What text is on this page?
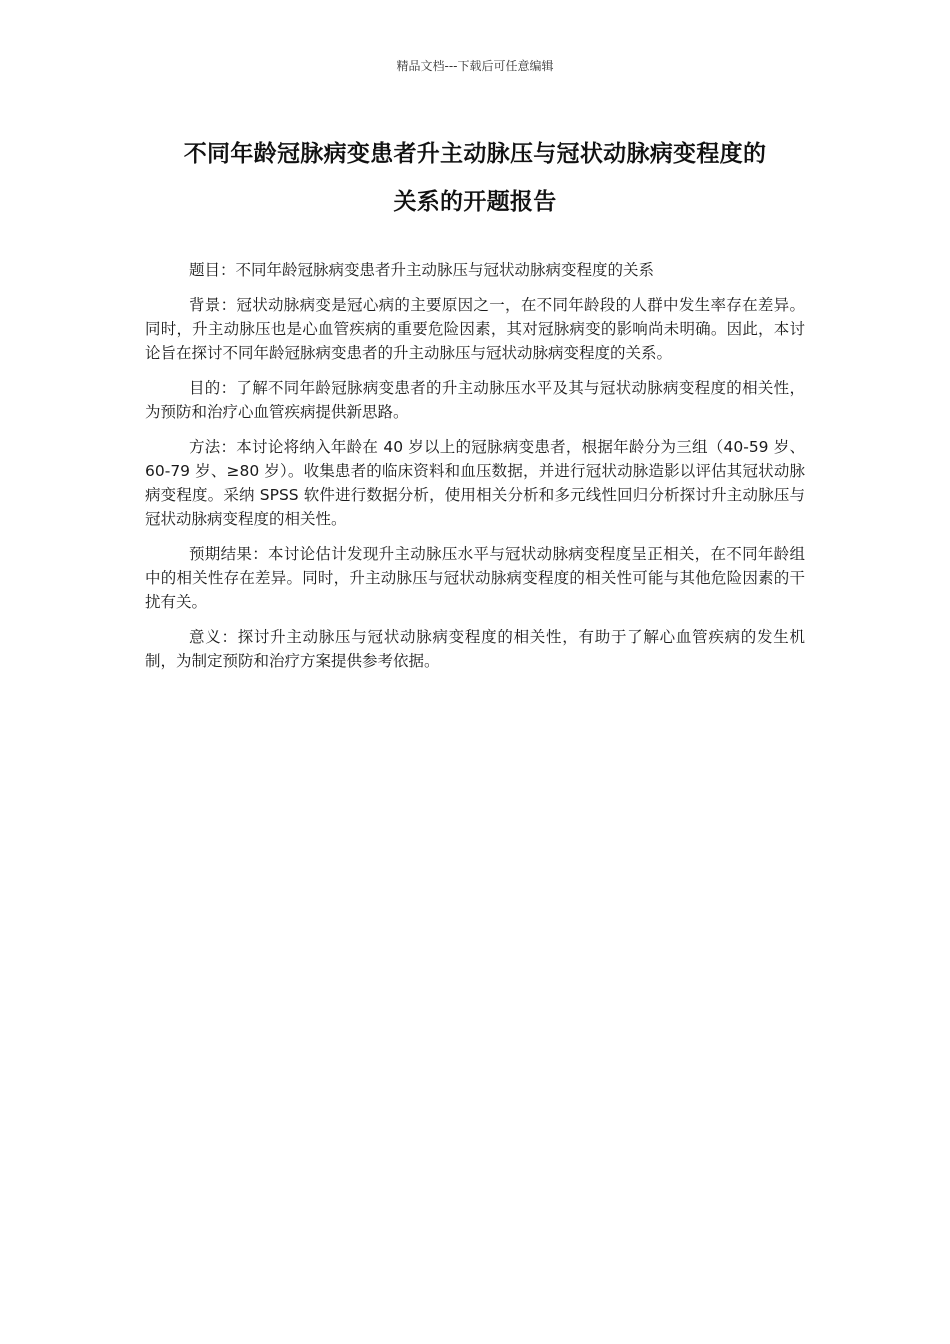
精品文档---下载后可任意编辑
不同年龄冠脉病变患者升主动脉压与冠状动脉病变程度的
关系的开题报告

题目：不同年龄冠脉病变患者升主动脉压与冠状动脉病变程度的关系

背景：冠状动脉病变是冠心病的主要原因之一，在不同年龄段的人群中发生率存在差异。同时，升主动脉压也是心血管疾病的重要危险因素，其对冠脉病变的影响尚未明确。因此，本讨论旨在探讨不同年龄冠脉病变患者的升主动脉压与冠状动脉病变程度的关系。

目的：了解不同年龄冠脉病变患者的升主动脉压水平及其与冠状动脉病变程度的相关性，为预防和治疗心血管疾病提供新思路。

方法：本讨论将纳入年龄在 40 岁以上的冠脉病变患者，根据年龄分为三组（40-59 岁、60-79 岁、≥80 岁）。收集患者的临床资料和血压数据，并进行冠状动脉造影以评估其冠状动脉病变程度。采纳 SPSS 软件进行数据分析，使用相关分析和多元线性回归分析探讨升主动脉压与冠状动脉病变程度的相关性。

预期结果：本讨论估计发现升主动脉压水平与冠状动脉病变程度呈正相关，在不同年龄组中的相关性存在差异。同时，升主动脉压与冠状动脉病变程度的相关性可能与其他危险因素的干扰有关。

意义：探讨升主动脉压与冠状动脉病变程度的相关性，有助于了解心血管疾病的发生机制，为制定预防和治疗方案提供参考依据。
